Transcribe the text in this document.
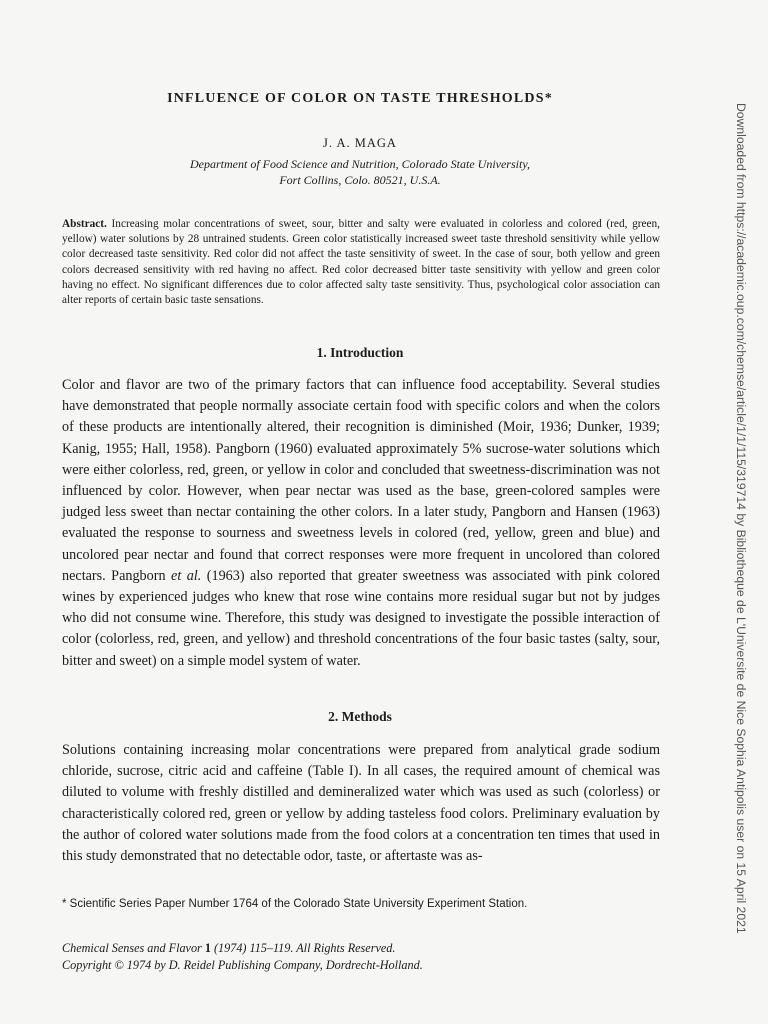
INFLUENCE OF COLOR ON TASTE THRESHOLDS*
J. A. MAGA
Department of Food Science and Nutrition, Colorado State University,
Fort Collins, Colo. 80521, U.S.A.

Abstract. Increasing molar concentrations of sweet, sour, bitter and salty were evaluated in colorless and colored (red, green, yellow) water solutions by 28 untrained students. Green color statistically increased sweet taste threshold sensitivity while yellow color decreased taste sensitivity. Red color did not affect the taste sensitivity of sweet. In the case of sour, both yellow and green colors decreased sensitivity with red having no affect. Red color decreased bitter taste sensitivity with yellow and green color having no effect. No significant differences due to color affected salty taste sensitivity. Thus, psychological color association can alter reports of certain basic taste sensations.

1. Introduction

Color and flavor are two of the primary factors that can influence food acceptability. Several studies have demonstrated that people normally associate certain food with specific colors and when the colors of these products are intentionally altered, their recognition is diminished (Moir, 1936; Dunker, 1939; Kanig, 1955; Hall, 1958). Pangborn (1960) evaluated approximately 5% sucrose-water solutions which were either colorless, red, green, or yellow in color and concluded that sweetness-discrimination was not influenced by color. However, when pear nectar was used as the base, green-colored samples were judged less sweet than nectar containing the other colors. In a later study, Pangborn and Hansen (1963) evaluated the response to sourness and sweetness levels in colored (red, yellow, green and blue) and uncolored pear nectar and found that correct responses were more frequent in uncolored than colored nectars. Pangborn et al. (1963) also reported that greater sweetness was associated with pink colored wines by experienced judges who knew that rose wine contains more residual sugar but not by judges who did not consume wine. Therefore, this study was designed to investigate the possible interaction of color (colorless, red, green, and yellow) and threshold concentrations of the four basic tastes (salty, sour, bitter and sweet) on a simple model system of water.

2. Methods

Solutions containing increasing molar concentrations were prepared from analytical grade sodium chloride, sucrose, citric acid and caffeine (Table I). In all cases, the required amount of chemical was diluted to volume with freshly distilled and demineralized water which was used as such (colorless) or characteristically colored red, green or yellow by adding tasteless food colors. Preliminary evaluation by the author of colored water solutions made from the food colors at a concentration ten times that used in this study demonstrated that no detectable odor, taste, or aftertaste was as-

* Scientific Series Paper Number 1764 of the Colorado State University Experiment Station.

Chemical Senses and Flavor 1 (1974) 115–119. All Rights Reserved.
Copyright © 1974 by D. Reidel Publishing Company, Dordrecht-Holland.
Downloaded from https://academic.oup.com/chemse/article/1/1/115/319714 by Bibliotheque de L'Universite de Nice Sophia Antipolis user on 15 April 2021
